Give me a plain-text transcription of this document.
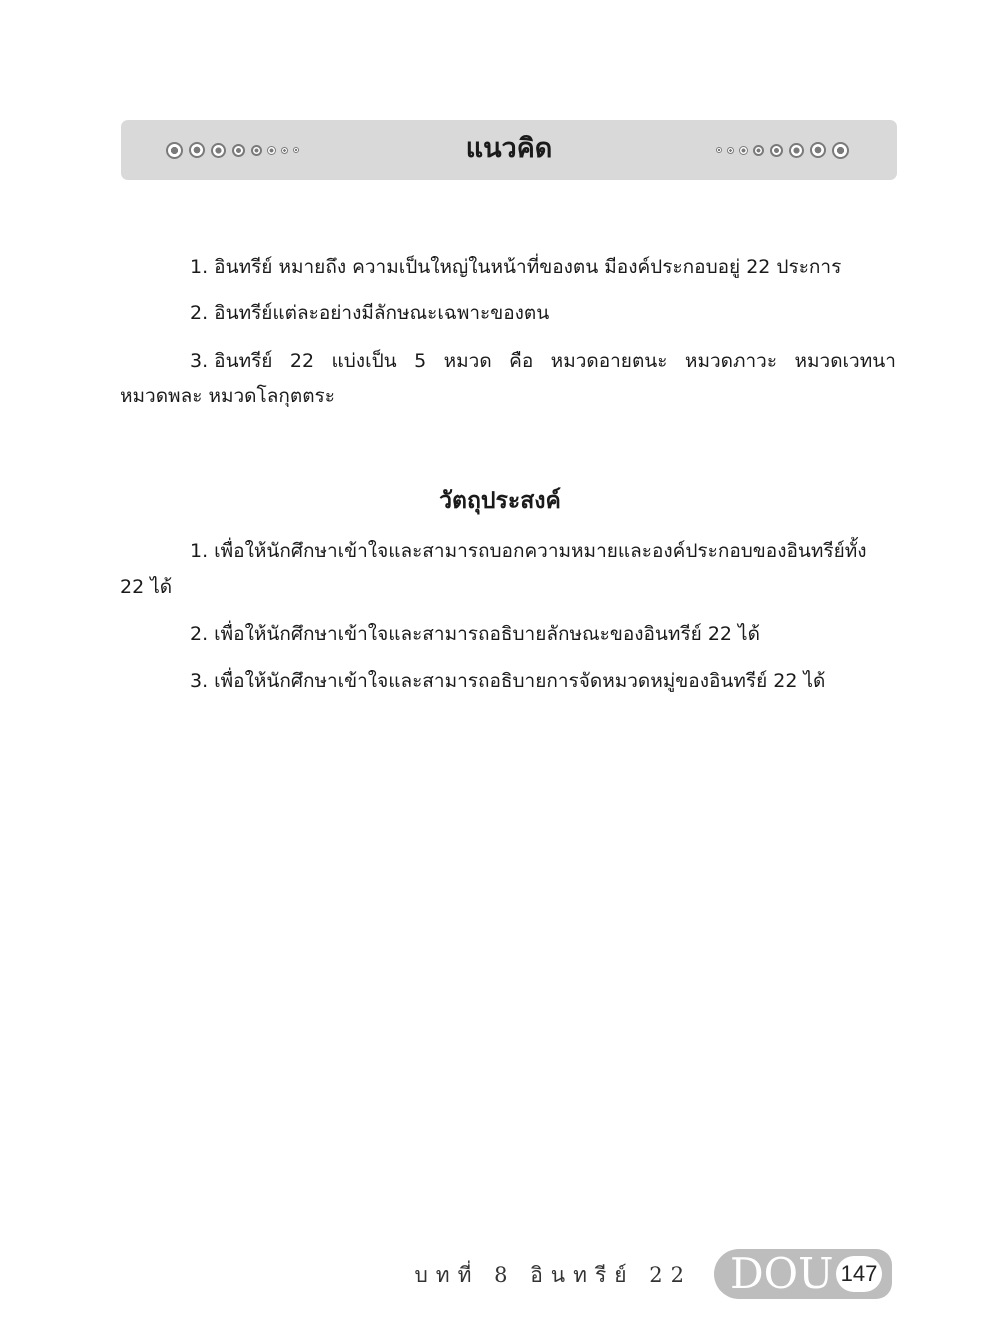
แนวคิด

1. อินทรีย์ หมายถึง ความเป็นใหญ่ในหน้าที่ของตน มีองค์ประกอบอยู่ 22 ประการ

2. อินทรีย์แต่ละอย่างมีลักษณะเฉพาะของตน

3. อินทรีย์ 22 แบ่งเป็น 5 หมวด คือ หมวดอายตนะ หมวดภาวะ หมวดเวทนา

หมวดพละ หมวดโลกุตตระ

วัตถุประสงค์

1. เพื่อให้นักศึกษาเข้าใจและสามารถบอกความหมายและองค์ประกอบของอินทรีย์ทั้ง

22 ได้

2. เพื่อให้นักศึกษาเข้าใจและสามารถอธิบายลักษณะของอินทรีย์ 22 ได้

3. เพื่อให้นักศึกษาเข้าใจและสามารถอธิบายการจัดหมวดหมู่ของอินทรีย์ 22 ได้

บทที่ 8 อินทรีย์ 22 DOU 147
